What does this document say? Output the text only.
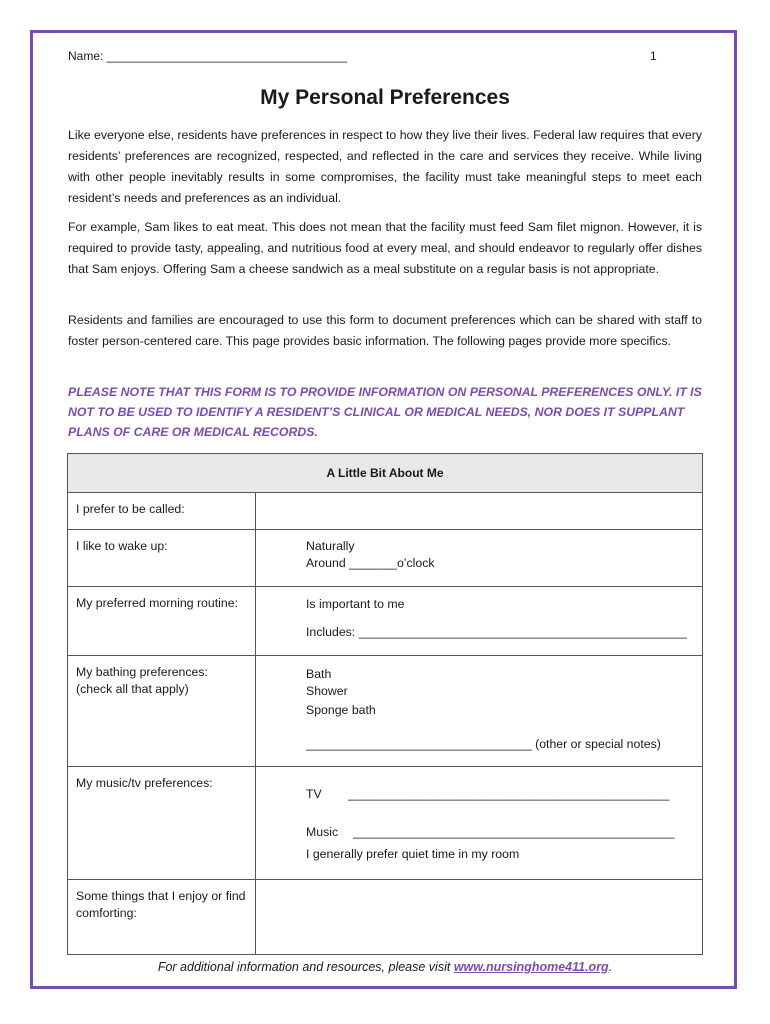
Name: ____________________________________	1
My Personal Preferences

Like everyone else, residents have preferences in respect to how they live their lives. Federal law requires that every residents’ preferences are recognized, respected, and reflected in the care and services they receive. While living with other people inevitably results in some compromises, the facility must take meaningful steps to meet each resident’s needs and preferences as an individual.

For example, Sam likes to eat meat. This does not mean that the facility must feed Sam filet mignon. However, it is required to provide tasty, appealing, and nutritious food at every meal, and should endeavor to regularly offer dishes that Sam enjoys. Offering Sam a cheese sandwich as a meal substitute on a regular basis is not appropriate.

Residents and families are encouraged to use this form to document preferences which can be shared with staff to foster person-centered care. This page provides basic information. The following pages provide more specifics.

PLEASE NOTE THAT THIS FORM IS TO PROVIDE INFORMATION ON PERSONAL PREFERENCES ONLY. IT IS NOT TO BE USED TO IDENTIFY A RESIDENT’S CLINICAL OR MEDICAL NEEDS, NOR DOES IT SUPPLANT PLANS OF CARE OR MEDICAL RECORDS.

A Little Bit About Me	
I prefer to be called:	
I like to wake up:	Naturally
Around _______o’clock

My preferred morning routine:	Is important to me
Includes: ________________________________________________

My bathing preferences: (check all that apply)	Bath
Shower
Sponge bath
_________________________________ (other or special notes)

My music/tv preferences:	TV _______________________________________________
Music _______________________________________________
I generally prefer quiet time in my room

Some things that I enjoy or find comforting:	
For additional information and resources, please visit www.nursinghome411.org.
